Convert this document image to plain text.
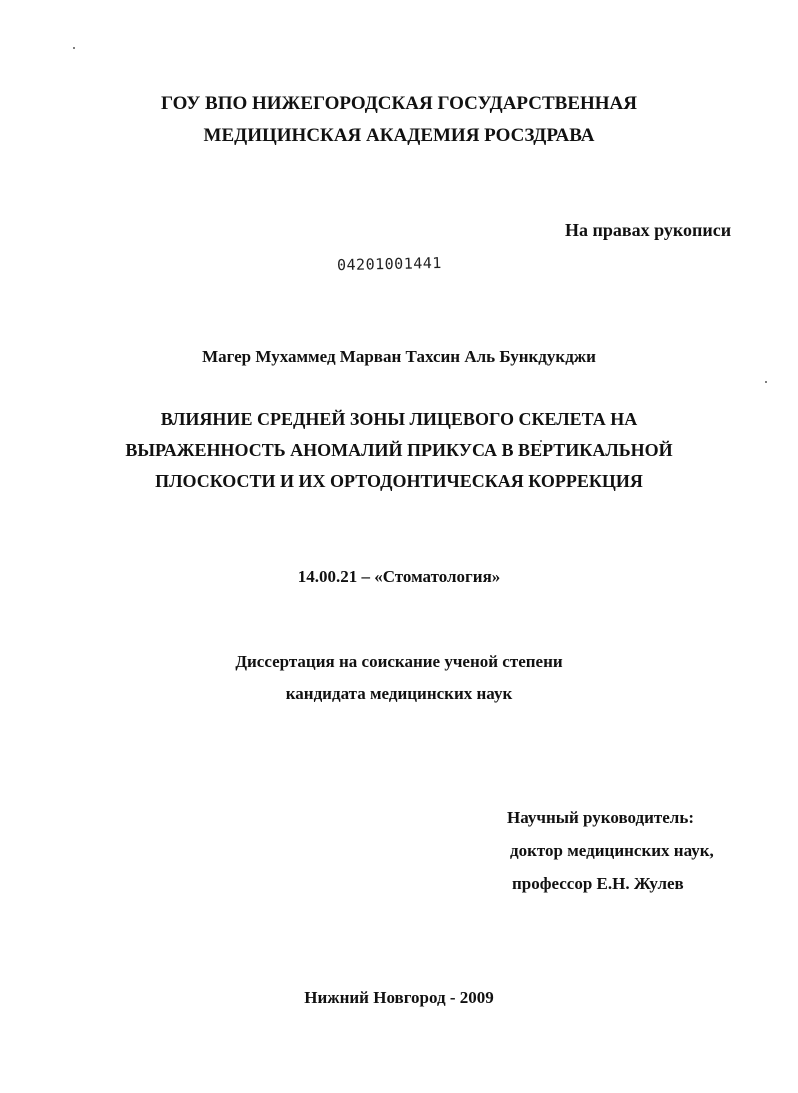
ГОУ ВПО НИЖЕГОРОДСКАЯ ГОСУДАРСТВЕННАЯ
МЕДИЦИНСКАЯ АКАДЕМИЯ РОСЗДРАВА
На правах рукописи
04201001441
Магер Мухаммед Марван Тахсин Аль Бункдукджи
ВЛИЯНИЕ СРЕДНЕЙ ЗОНЫ ЛИЦЕВОГО СКЕЛЕТА НА
ВЫРАЖЕННОСТЬ АНОМАЛИЙ ПРИКУСА В ВЕРТИКАЛЬНОЙ
ПЛОСКОСТИ И ИХ ОРТОДОНТИЧЕСКАЯ КОРРЕКЦИЯ
14.00.21 – «Стоматология»
Диссертация на соискание ученой степени
кандидата медицинских наук
Научный руководитель:
доктор медицинских наук,
профессор Е.Н. Жулев
Нижний Новгород - 2009
